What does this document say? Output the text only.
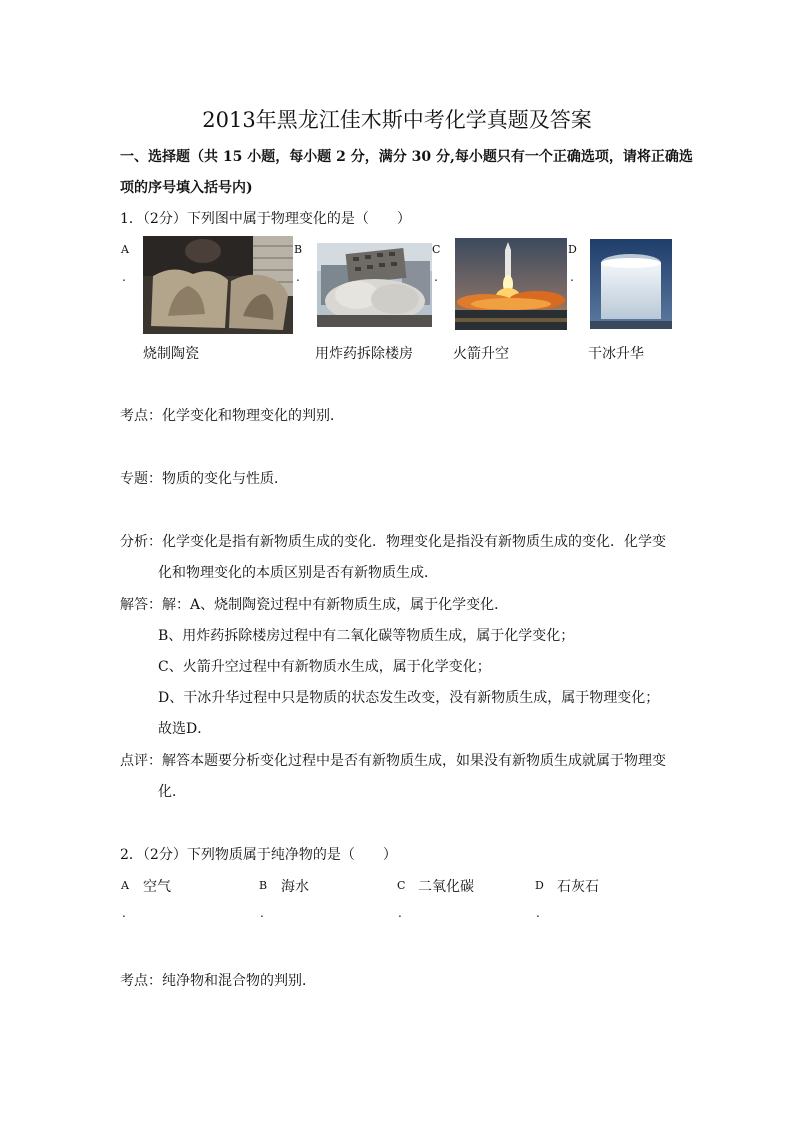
2013年黑龙江佳木斯中考化学真题及答案
一、选择题（共 15 小题，每小题 2 分，满分 30 分,每小题只有一个正确选项，请将正确选
项的序号填入括号内)
1．（2分）下列图中属于物理变化的是（　　）
A
.
烧制陶瓷
B
.
用炸药拆除楼房
C
.
火箭升空
D
.
干冰升华
考点：化学变化和物理变化的判别．
专题：物质的变化与性质．
分析：化学变化是指有新物质生成的变化．物理变化是指没有新物质生成的变化．化学变
化和物理变化的本质区别是否有新物质生成．
解答：解：A、烧制陶瓷过程中有新物质生成，属于化学变化．
B、用炸药拆除楼房过程中有二氧化碳等物质生成，属于化学变化；
C、火箭升空过程中有新物质水生成，属于化学变化；
D、干冰升华过程中只是物质的状态发生改变，没有新物质生成，属于物理变化；
故选D．
点评：解答本题要分析变化过程中是否有新物质生成，如果没有新物质生成就属于物理变
化．
2．（2分）下列物质属于纯净物的是（　　）
A 空气
.
B 海水
.
C 二氧化碳
.
D 石灰石
.
考点：纯净物和混合物的判别．
